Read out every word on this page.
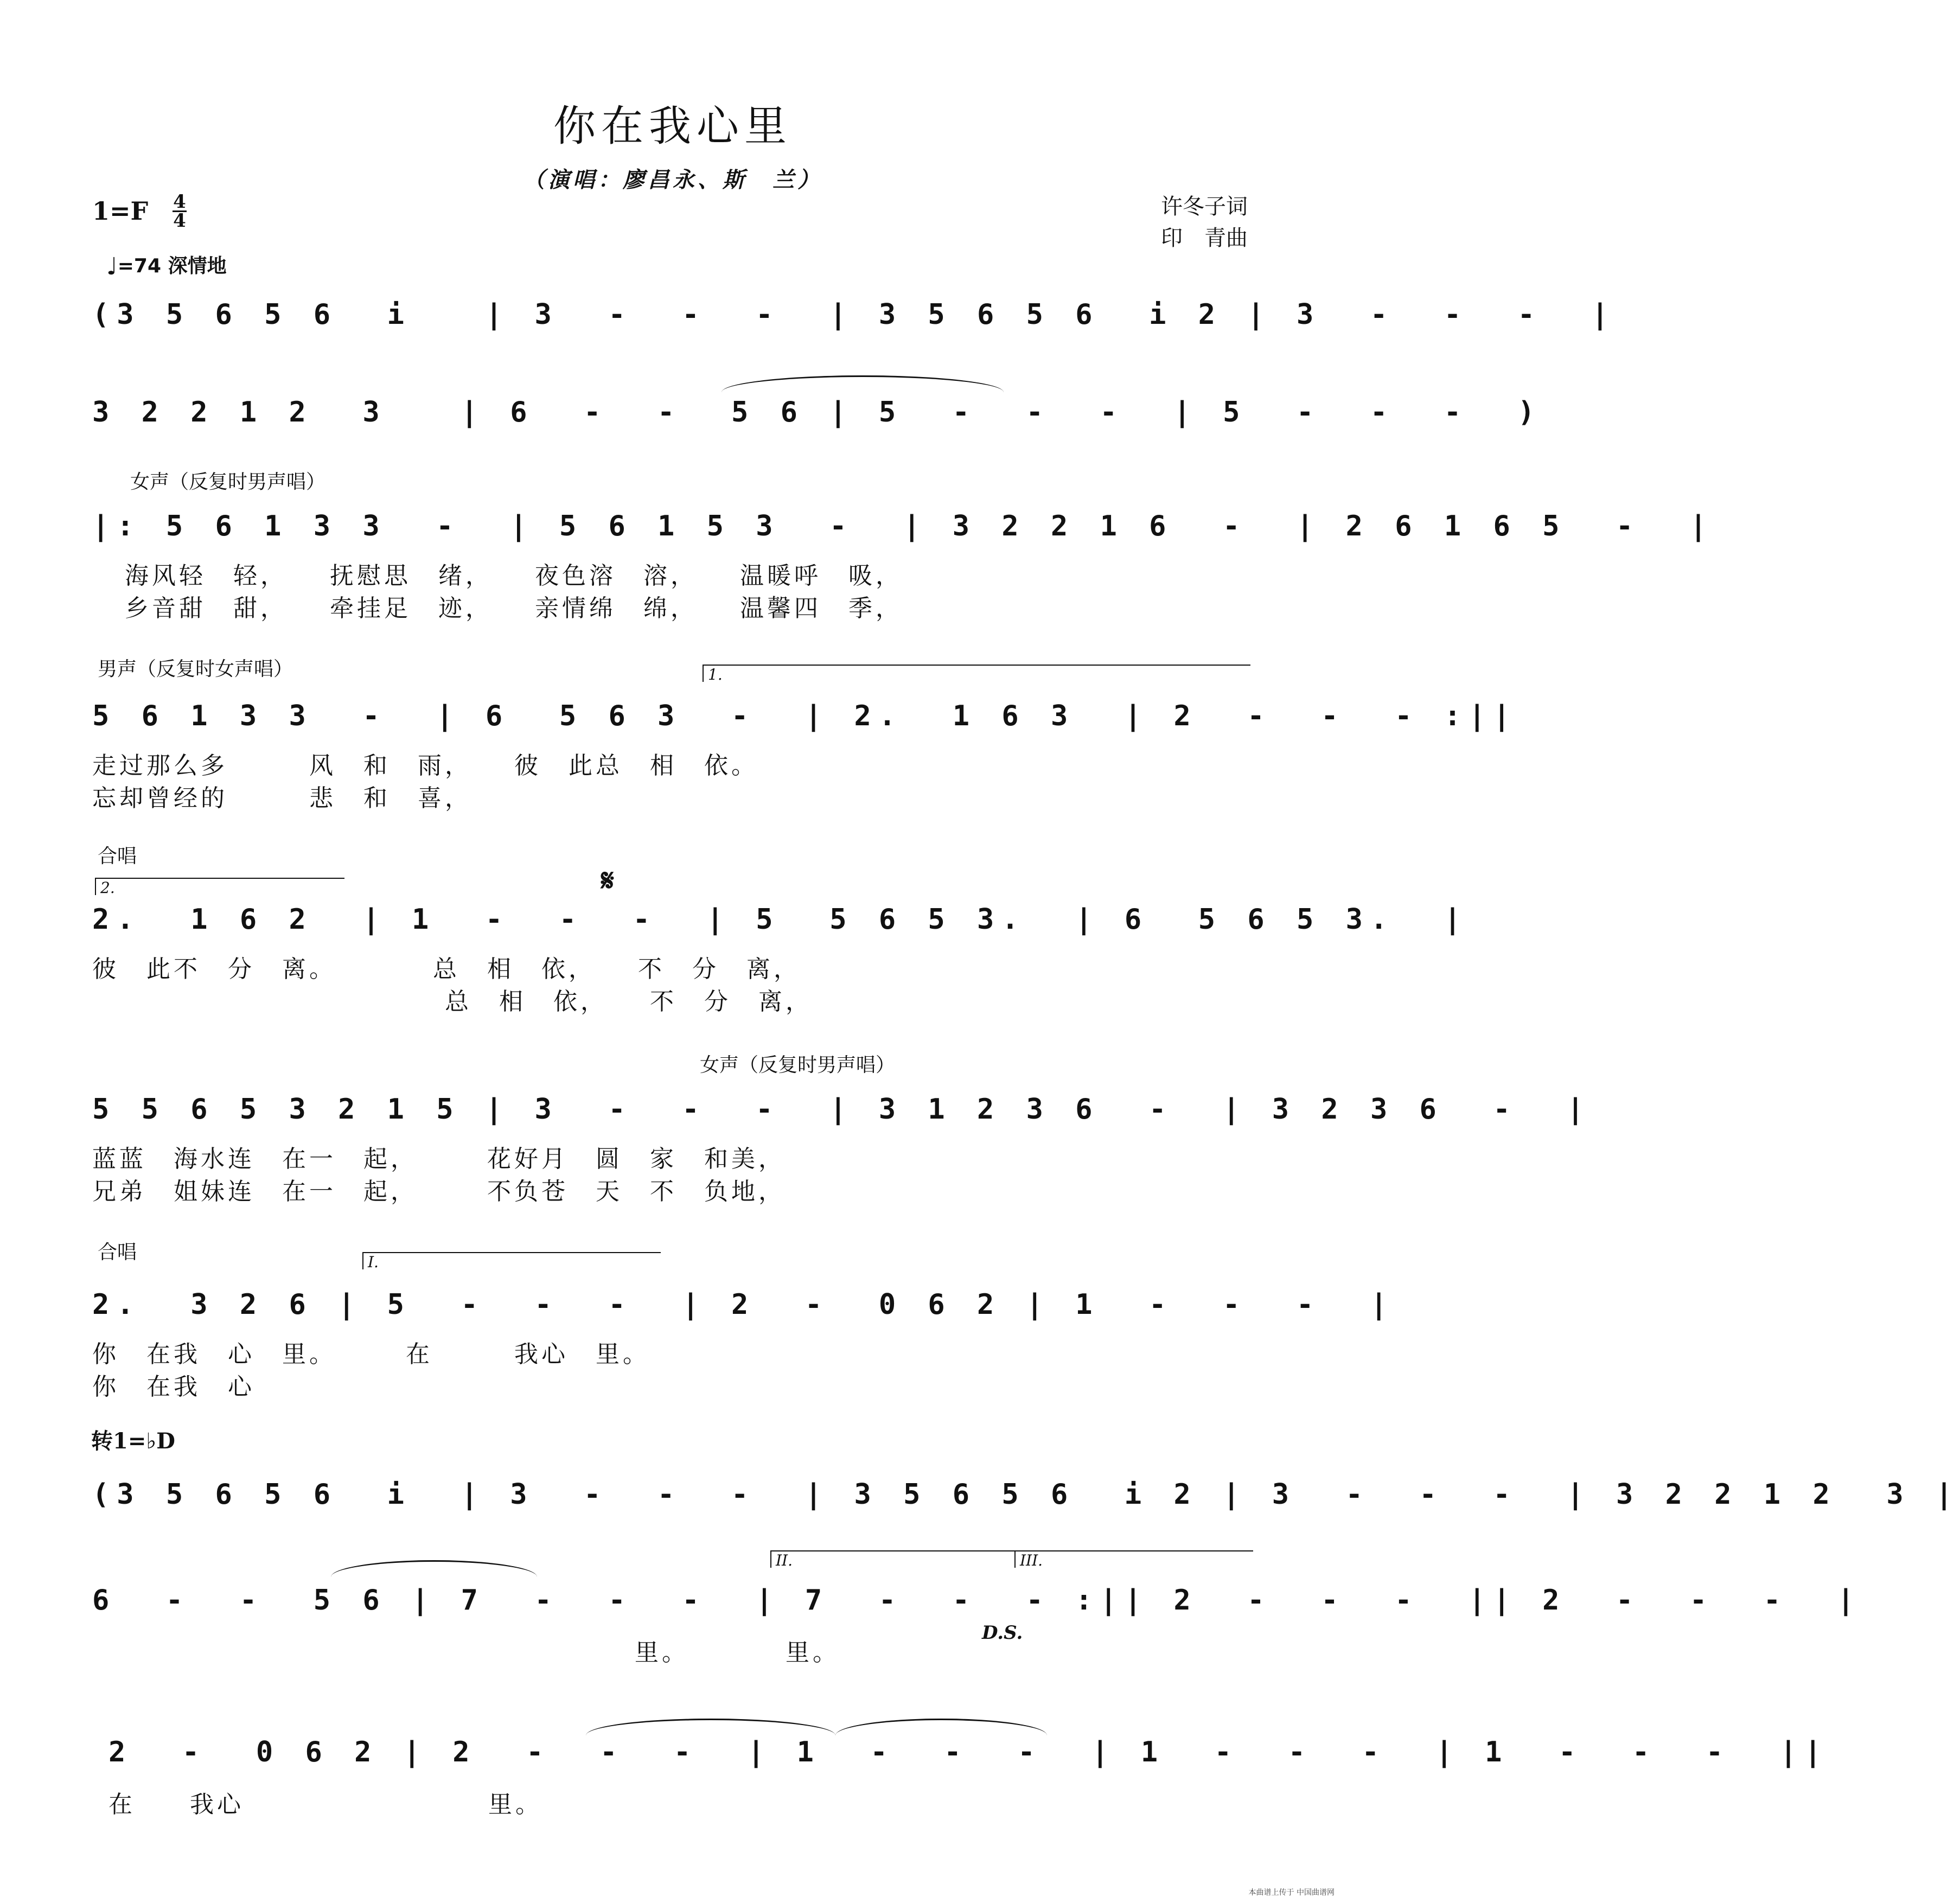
你在我心里
（演唱：廖昌永、斯　兰）
许冬子词
印　青曲
1=F 4
4
♩=74 深情地
(3 5 6 5 6  i   | 3  -  -  -  | 3 5 6 5 6  i 2 | 3  -  -  -  |
3 2 2 1 2  3   | 6  -  -  5 6 | 5  -  -  -  | 5  -  -  -  )
女声（反复时男声唱）
|: 5 6 1 3 3  -  | 5 6 1 5 3  -  | 3 2 2 1 6  -  | 2 6 1 6 5  -  |
海风轻　轻，　　抚慰思　绪，　　夜色溶　溶，　　温暖呼　吸，
乡音甜　甜，　　牵挂足　迹，　　亲情绵　绵，　　温馨四　季，
男声（反复时女声唱）	1.
5 6 1 3 3  -  | 6  5 6 3  -  | 2.  1 6 3  | 2  -  -  - :||
走过那么多　　　风　和　雨，　　彼　此总　相　依。
忘却曾经的　　　悲　和　喜，
合唱
2.	𝄋
2.  1 6 2  | 1  -  -  -  | 5  5 6 5 3.  | 6  5 6 5 3.  |
彼　此不　分　离。　　　　总　相　依，　　不　分　离，
　　　　　　　　　　　　　总　相　依，　　不　分　离，
女声（反复时男声唱）
5 5 6 5 3 2 1 5 | 3  -  -  -  | 3 1 2 3 6  -  | 3 2 3 6  -  |
蓝蓝　海水连　在一　起，　　　花好月　圆　家　和美，
兄弟　姐妹连　在一　起，　　　不负苍　天　不　负地，
合唱	I.
2.  3 2 6 | 5  -  -  -  | 2  -  0 6 2 | 1  -  -  -  |
你　在我　心　里。　　　在　　　我心　里。
你　在我　心
转1=♭D
(3 5 6 5 6  i  | 3  -  -  -  | 3 5 6 5 6  i 2 | 3  -  -  -  | 3 2 2 1 2  3 |
II.	III.
6  -  -  5 6 | 7  -  -  -  | 7  -  -  - :|| 2  -  -  -  || 2  -  -  -  |
D.S.
　　　　　　　　　　　　　　　　　　　　里。　　　　里。
2  -  0 6 2 | 2  -  -  -  | 1  -  -  -  | 1  -  -  -  | 1  -  -  -  ||
在　　我心　　　　　　　　　里。
本曲谱上传于 中国曲谱网
